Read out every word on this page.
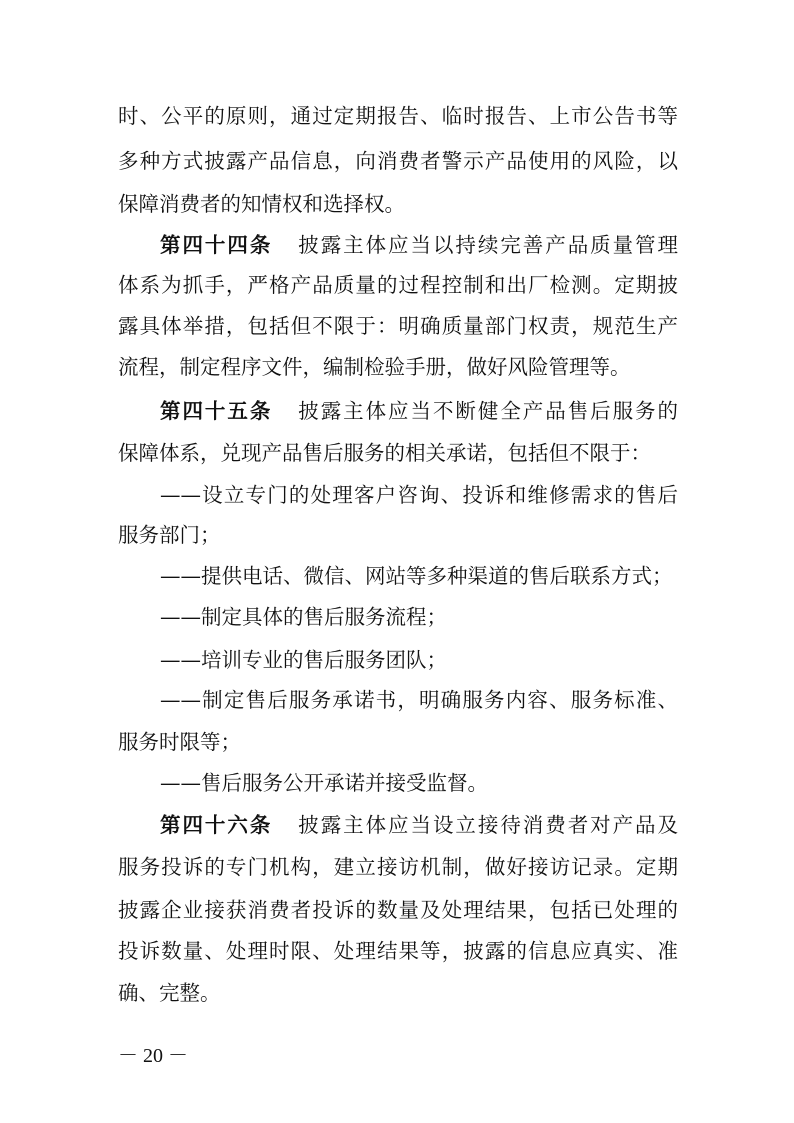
时、公平的原则，通过定期报告、临时报告、上市公告书等
多种方式披露产品信息，向消费者警示产品使用的风险，以
保障消费者的知情权和选择权。
第四十四条 披露主体应当以持续完善产品质量管理
体系为抓手，严格产品质量的过程控制和出厂检测。定期披
露具体举措，包括但不限于：明确质量部门权责，规范生产
流程，制定程序文件，编制检验手册，做好风险管理等。
第四十五条 披露主体应当不断健全产品售后服务的
保障体系，兑现产品售后服务的相关承诺，包括但不限于：
——设立专门的处理客户咨询、投诉和维修需求的售后
服务部门；
——提供电话、微信、网站等多种渠道的售后联系方式；
——制定具体的售后服务流程；
——培训专业的售后服务团队；
——制定售后服务承诺书，明确服务内容、服务标准、
服务时限等；
——售后服务公开承诺并接受监督。
第四十六条 披露主体应当设立接待消费者对产品及
服务投诉的专门机构，建立接访机制，做好接访记录。定期
披露企业接获消费者投诉的数量及处理结果，包括已处理的
投诉数量、处理时限、处理结果等，披露的信息应真实、准
确、完整。
－ 20 －
